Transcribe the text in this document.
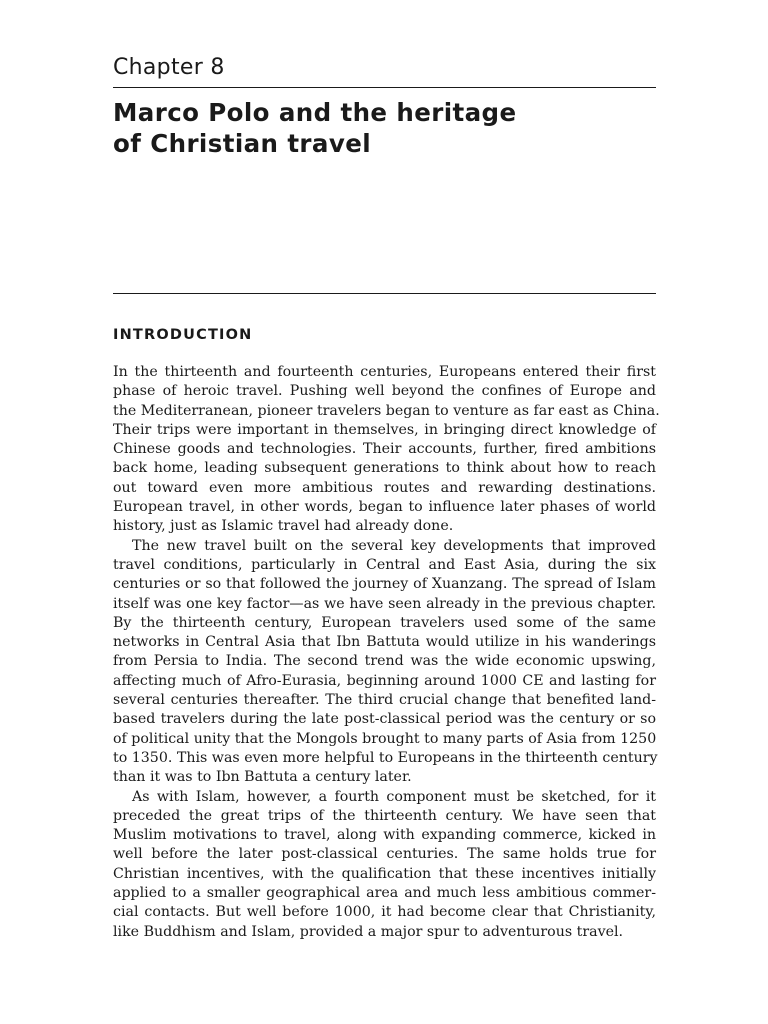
Chapter 8
Marco Polo and the heritage
of Christian travel
INTRODUCTION

In the thirteenth and fourteenth centuries, Europeans entered their first
phase of heroic travel. Pushing well beyond the confines of Europe and
the Mediterranean, pioneer travelers began to venture as far east as China.
Their trips were important in themselves, in bringing direct knowledge of
Chinese goods and technologies. Their accounts, further, fired ambitions
back home, leading subsequent generations to think about how to reach
out toward even more ambitious routes and rewarding destinations.
European travel, in other words, began to influence later phases of world
history, just as Islamic travel had already done.

The new travel built on the several key developments that improved
travel conditions, particularly in Central and East Asia, during the six
centuries or so that followed the journey of Xuanzang. The spread of Islam
itself was one key factor—as we have seen already in the previous chapter.
By the thirteenth century, European travelers used some of the same
networks in Central Asia that Ibn Battuta would utilize in his wanderings
from Persia to India. The second trend was the wide economic upswing,
affecting much of Afro-Eurasia, beginning around 1000 CE and lasting for
several centuries thereafter. The third crucial change that benefited land-
based travelers during the late post-classical period was the century or so
of political unity that the Mongols brought to many parts of Asia from 1250
to 1350. This was even more helpful to Europeans in the thirteenth century
than it was to Ibn Battuta a century later.

As with Islam, however, a fourth component must be sketched, for it
preceded the great trips of the thirteenth century. We have seen that
Muslim motivations to travel, along with expanding commerce, kicked in
well before the later post-classical centuries. The same holds true for
Christian incentives, with the qualification that these incentives initially
applied to a smaller geographical area and much less ambitious commer-
cial contacts. But well before 1000, it had become clear that Christianity,
like Buddhism and Islam, provided a major spur to adventurous travel.
